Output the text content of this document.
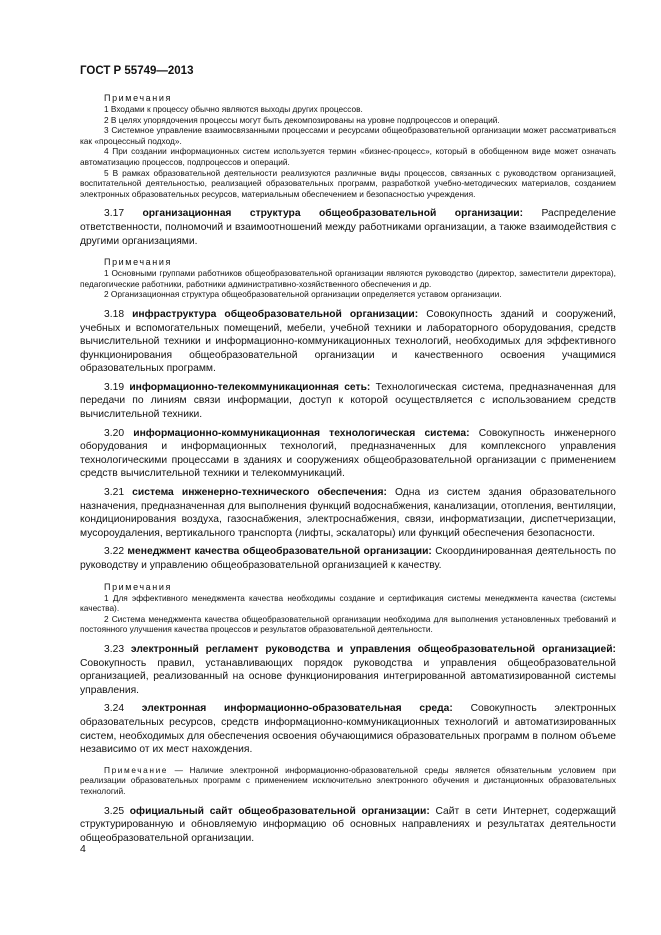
ГОСТ Р 55749—2013

Примечания

1 Входами к процессу обычно являются выходы других процессов.

2 В целях упорядочения процессы могут быть декомпозированы на уровне подпроцессов и операций.

3 Системное управление взаимосвязанными процессами и ресурсами общеобразовательной организации может рассматриваться как «процессный подход».

4 При создании информационных систем используется термин «бизнес-процесс», который в обобщенном виде может означать автоматизацию процессов, подпроцессов и операций.

5 В рамках образовательной деятельности реализуются различные виды процессов, связанных с руководством организацией, воспитательной деятельностью, реализацией образовательных программ, разработкой учебно-методических материалов, созданием электронных образовательных ресурсов, материальным обеспечением и безопасностью учреждения.

3.17 организационная структура общеобразовательной организации: Распределение ответственности, полномочий и взаимоотношений между работниками организации, а также взаимодействия с другими организациями.

Примечания

1 Основными группами работников общеобразовательной организации являются руководство (директор, заместители директора), педагогические работники, работники административно-хозяйственного обеспечения и др.

2 Организационная структура общеобразовательной организации определяется уставом организации.

3.18 инфраструктура общеобразовательной организации: Совокупность зданий и сооружений, учебных и вспомогательных помещений, мебели, учебной техники и лабораторного оборудования, средств вычислительной техники и информационно-коммуникационных технологий, необходимых для эффективного функционирования общеобразовательной организации и качественного освоения учащимися образовательных программ.

3.19 информационно-телекоммуникационная сеть: Технологическая система, предназначенная для передачи по линиям связи информации, доступ к которой осуществляется с использованием средств вычислительной техники.

3.20 информационно-коммуникационная технологическая система: Совокупность инженерного оборудования и информационных технологий, предназначенных для комплексного управления технологическими процессами в зданиях и сооружениях общеобразовательной организации с применением средств вычислительной техники и телекоммуникаций.

3.21 система инженерно-технического обеспечения: Одна из систем здания образовательного назначения, предназначенная для выполнения функций водоснабжения, канализации, отопления, вентиляции, кондиционирования воздуха, газоснабжения, электроснабжения, связи, информатизации, диспетчеризации, мусороудаления, вертикального транспорта (лифты, эскалаторы) или функций обеспечения безопасности.

3.22 менеджмент качества общеобразовательной организации: Скоординированная деятельность по руководству и управлению общеобразовательной организацией к качеству.

Примечания

1 Для эффективного менеджмента качества необходимы создание и сертификация системы менеджмента качества (системы качества).

2 Система менеджмента качества общеобразовательной организации необходима для выполнения установленных требований и постоянного улучшения качества процессов и результатов образовательной деятельности.

3.23 электронный регламент руководства и управления общеобразовательной организацией: Совокупность правил, устанавливающих порядок руководства и управления общеобразовательной организацией, реализованный на основе функционирования интегрированной автоматизированной системы управления.

3.24 электронная информационно-образовательная среда: Совокупность электронных образовательных ресурсов, средств информационно-коммуникационных технологий и автоматизированных систем, необходимых для обеспечения освоения обучающимися образовательных программ в полном объеме независимо от их мест нахождения.

Примечание — Наличие электронной информационно-образовательной среды является обязательным условием при реализации образовательных программ с применением исключительно электронного обучения и дистанционных образовательных технологий.

3.25 официальный сайт общеобразовательной организации: Сайт в сети Интернет, содержащий структурированную и обновляемую информацию об основных направлениях и результатах деятельности общеобразовательной организации.

4
